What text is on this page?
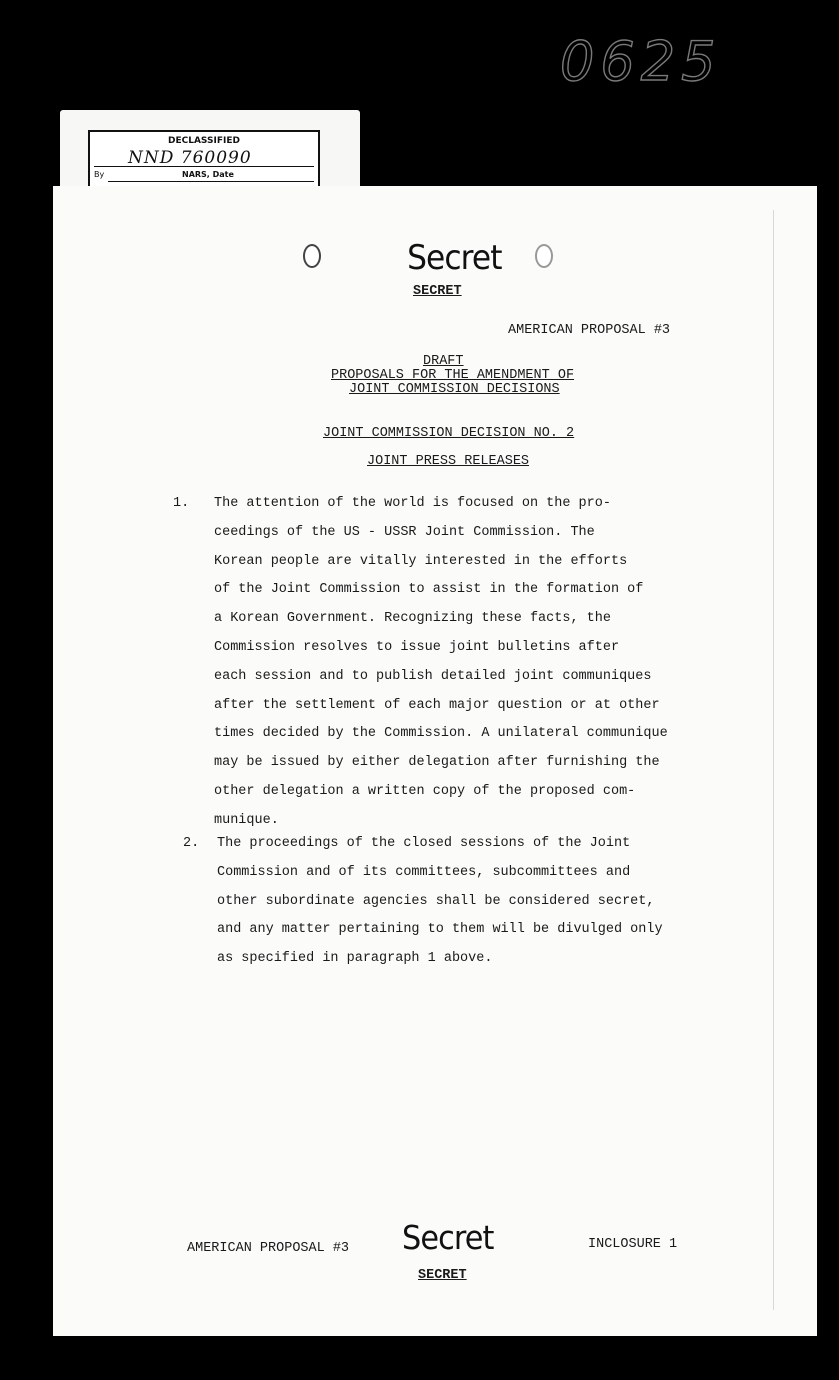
0625
DECLASSIFIED
NND 760090
By	NARS, Date
Secret
SECRET
AMERICAN PROPOSAL #3
DRAFT
PROPOSALS FOR THE AMENDMENT OF
JOINT COMMISSION DECISIONS
JOINT COMMISSION DECISION NO. 2
JOINT PRESS RELEASES
1. The attention of the world is focused on the pro-
ceedings of the US - USSR Joint Commission. The
Korean people are vitally interested in the efforts
of the Joint Commission to assist in the formation of
a Korean Government. Recognizing these facts, the
Commission resolves to issue joint bulletins after
each session and to publish detailed joint communiques
after the settlement of each major question or at other
times decided by the Commission. A unilateral communique
may be issued by either delegation after furnishing the
other delegation a written copy of the proposed com-
munique.
2. The proceedings of the closed sessions of the Joint
Commission and of its committees, subcommittees and
other subordinate agencies shall be considered secret,
and any matter pertaining to them will be divulged only
as specified in paragraph 1 above.
AMERICAN PROPOSAL #3 Secret
SECRET
INCLOSURE 1
